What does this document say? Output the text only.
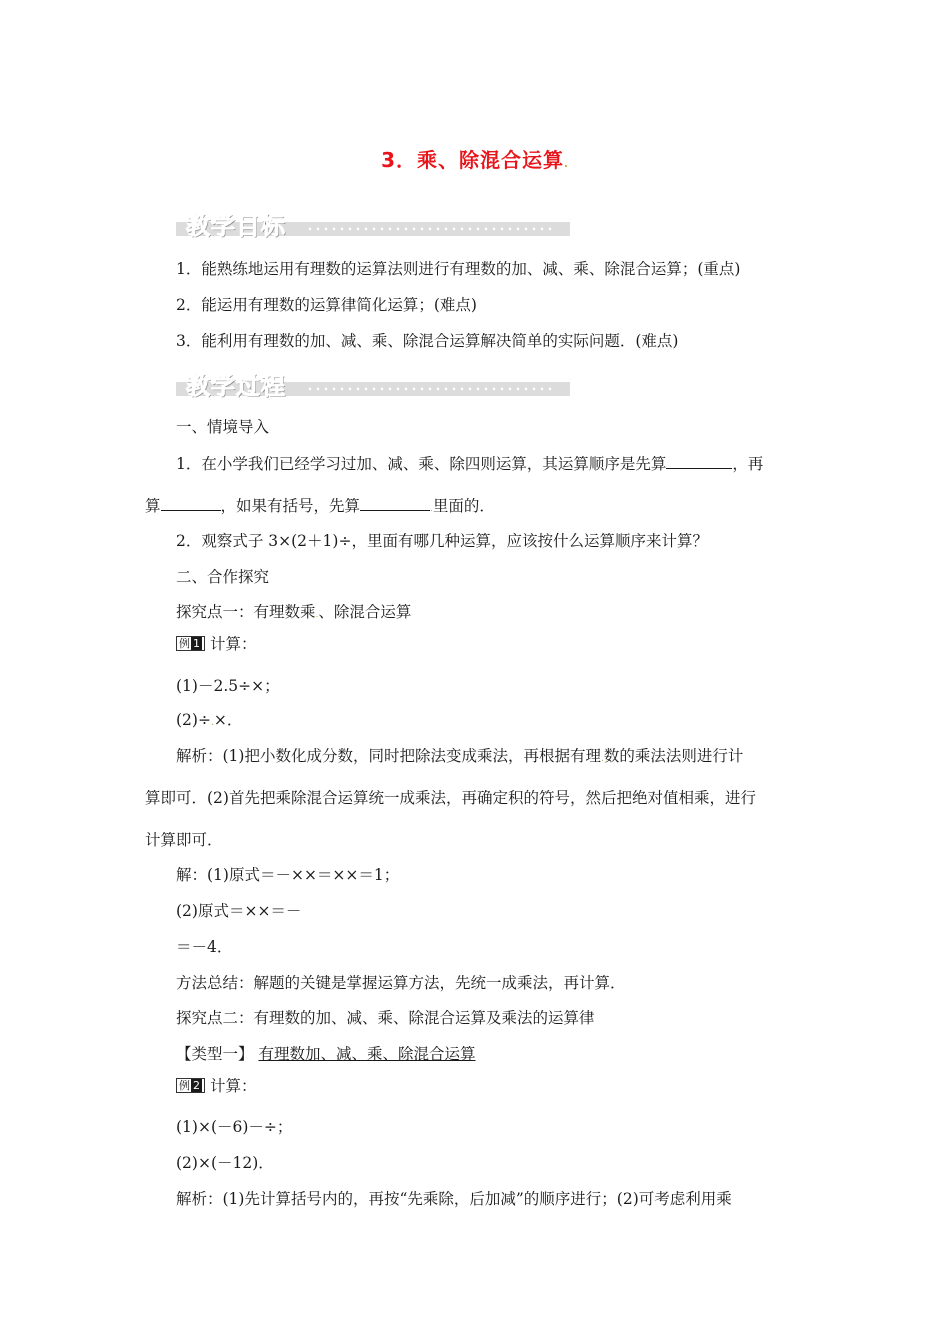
3．乘、除混合运算.
教学目标
1．能熟练地运用有理数的运算法则进行有理数的加、减、乘、除混合运算；(重点)
2．能运用有理数的运算律简化运算；(难点)
3．能利用有理数的加、减、乘、除混合运算解决简单的实际问题．(难点)
教学过程
一、情境导入
1．在小学我们已经学习过加、减、乘、除四则运算，其运算顺序是先算	，再
算	，如果有括号，先算	.里面的．
2．观察式子 3×(2＋1)÷，里面有哪几种运算，应该按什么运算顺序来计算？
二、合作探究
探究点一：有理数乘.、除混合运算
例 1 计算：
(1)－2.5÷×；
(2)÷.×．
解析：(1)把小数化成分数，同时把除法变成乘法，再根据有理.数的乘法法则进行计
算即可．(2)首先把乘除混合运算统一成乘法，再确定积的符号，然后把绝对值相乘，进行
计算即可．
解：(1)原式＝－××＝××＝1；
(2)原式＝××＝－
＝－4．
方法总结：解题的关键是掌握运算方法，先统一成乘法，再计算．
探究点二：有理数的加、减、乘、除混合运算及乘法的运算律
【类型一】 有理数加、减、乘、除混合运算
例 2 计算：
(1)×(－6)－÷；
(2)×(－12)．
解析：(1)先计算括号内的，再按“先乘除，后加减”的顺序进行；(2)可考虑利用乘
